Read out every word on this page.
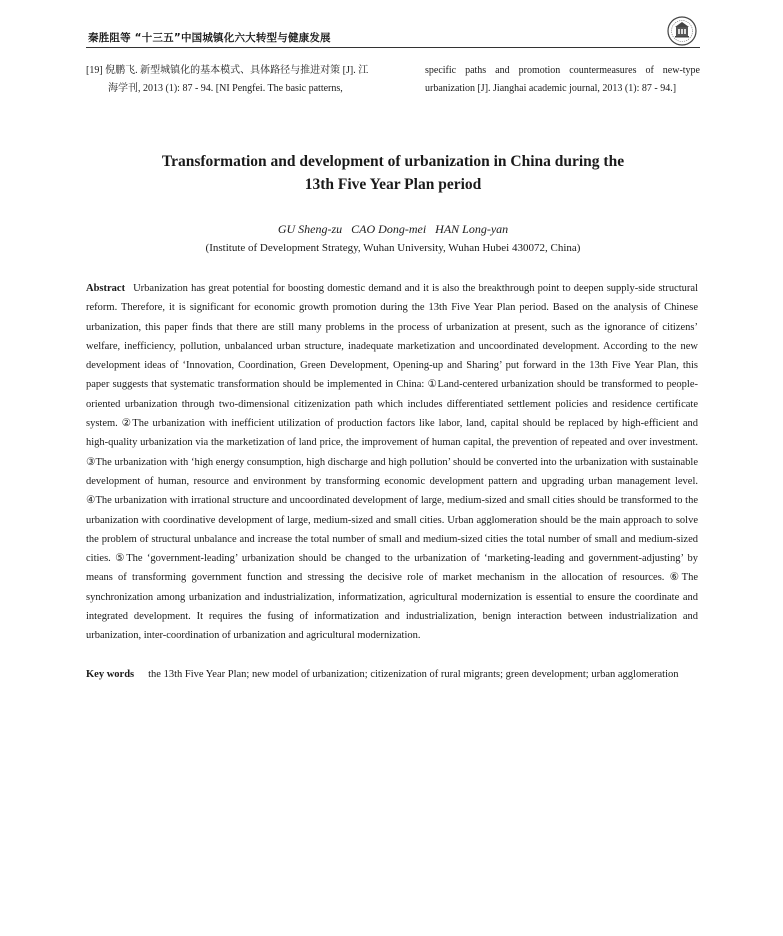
秦胜阻等 “十三五”中国城镇化六大转型与健康发展
[19] 倪鹏飞. 新型城镇化的基本模式、具体路径与推进对策 [J]. 江
海学刊, 2013 (1): 87 - 94. [NI Pengfei. The basic patterns,
specific paths and promotion countermeasures of new-type
urbanization [J]. Jianghai academic journal, 2013 (1): 87 - 94.]
Transformation and development of urbanization in China during the
13th Five Year Plan period
GU Sheng-zu   CAO Dong-mei   HAN Long-yan
(Institute of Development Strategy, Wuhan University, Wuhan Hubei 430072, China)

Abstract Urbanization has great potential for boosting domestic demand and it is also the breakthrough point to deepen supply-side structural reform. Therefore, it is significant for economic growth promotion during the 13th Five Year Plan period. Based on the analysis of Chinese urbanization, this paper finds that there are still many problems in the process of urbanization at present, such as the ignorance of citizens’ welfare, inefficiency, pollution, unbalanced urban structure, inadequate marketization and uncoordinated development. According to the new development ideas of ‘Innovation, Coordination, Green Development, Opening-up and Sharing’ put forward in the 13th Five Year Plan, this paper suggests that systematic transformation should be implemented in China: ①Land-centered urbanization should be transformed to people-oriented urbanization through two-dimensional citizenization path which includes differentiated settlement policies and residence certificate system. ②The urbanization with inefficient utilization of production factors like labor, land, capital should be replaced by high-efficient and high-quality urbanization via the marketization of land price, the improvement of human capital, the prevention of repeated and over investment. ③The urbanization with ‘high energy consumption, high discharge and high pollution’ should be converted into the urbanization with sustainable development of human, resource and environment by transforming economic development pattern and upgrading urban management level. ④The urbanization with irrational structure and uncoordinated development of large, medium-sized and small cities should be transformed to the urbanization with coordinative development of large, medium-sized and small cities. Urban agglomeration should be the main approach to solve the problem of structural unbalance and increase the total number of small and medium-sized cities the total number of small and medium-sized cities. ⑤The ‘government-leading’ urbanization should be changed to the urbanization of ‘marketing-leading and government-adjusting’ by means of transforming government function and stressing the decisive role of market mechanism in the allocation of resources. ⑥The synchronization among urbanization and industrialization, informatization, agricultural modernization is essential to ensure the coordinate and integrated development. It requires the fusing of informatization and industrialization, benign interaction between industrialization and urbanization, inter-coordination of urbanization and agricultural modernization.

Key words the 13th Five Year Plan; new model of urbanization; citizenization of rural migrants; green development; urban agglomeration
